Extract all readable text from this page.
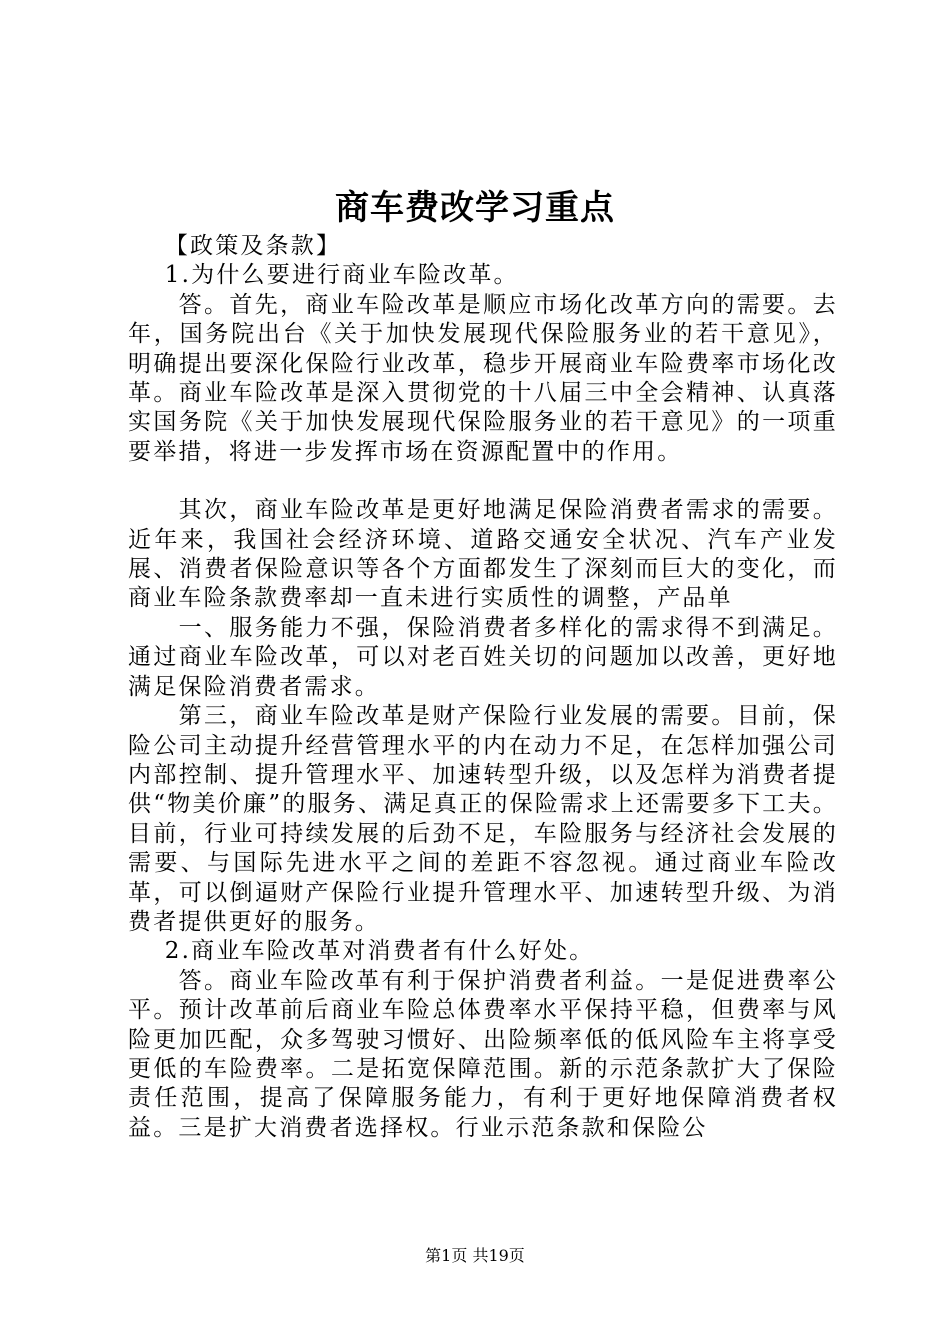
商车费改学习重点

【政策及条款】

1.为什么要进行商业车险改革。

答。首先，商业车险改革是顺应市场化改革方向的需要。去年，国务院出台《关于加快发展现代保险服务业的若干意见》，明确提出要深化保险行业改革，稳步开展商业车险费率市场化改革。商业车险改革是深入贯彻党的十八届三中全会精神、认真落实国务院《关于加快发展现代保险服务业的若干意见》的一项重要举措，将进一步发挥市场在资源配置中的作用。

其次，商业车险改革是更好地满足保险消费者需求的需要。近年来，我国社会经济环境、道路交通安全状况、汽车产业发展、消费者保险意识等各个方面都发生了深刻而巨大的变化，而商业车险条款费率却一直未进行实质性的调整，产品单

一、服务能力不强，保险消费者多样化的需求得不到满足。通过商业车险改革，可以对老百姓关切的问题加以改善，更好地满足保险消费者需求。

第三，商业车险改革是财产保险行业发展的需要。目前，保险公司主动提升经营管理水平的内在动力不足，在怎样加强公司内部控制、提升管理水平、加速转型升级，以及怎样为消费者提供“物美价廉”的服务、满足真正的保险需求上还需要多下工夫。目前，行业可持续发展的后劲不足，车险服务与经济社会发展的需要、与国际先进水平之间的差距不容忽视。通过商业车险改革，可以倒逼财产保险行业提升管理水平、加速转型升级、为消费者提供更好的服务。

2.商业车险改革对消费者有什么好处。

答。商业车险改革有利于保护消费者利益。一是促进费率公平。预计改革前后商业车险总体费率水平保持平稳，但费率与风险更加匹配，众多驾驶习惯好、出险频率低的低风险车主将享受更低的车险费率。二是拓宽保障范围。新的示范条款扩大了保险责任范围，提高了保障服务能力，有利于更好地保障消费者权益。三是扩大消费者选择权。行业示范条款和保险公

第1页 共19页
